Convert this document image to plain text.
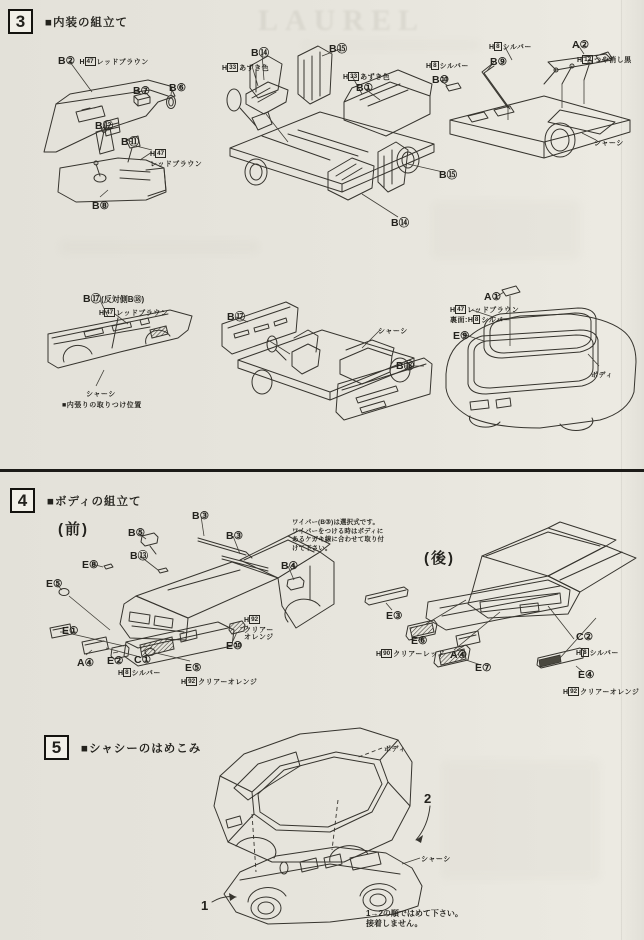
LAUREL
3 ■内装の組立て
4 ■ボディの組立て
5 ■シャシーのはめこみ
B② H 47 レッドブラウン
B⑦ B⑥
B⑫
B⑪
H 47
レッドブラウン
B⑧
B⑭
H 33 あずき色
B⑮
H 33 あずき色
B①
B⑮
B⑭
H 8 シルバー	A②
H 12 つや消し黒
H 8 シルバー B⑨
B⑩
シャーシ
B⑰(反対側B⑱)
H 47 レッドブラウン
シャーシ
■内張りの取りつけ位置
B⑰
シャーシ
B⑱
A①
H 47 レッドブラウン
裏面:H 8 シルバー
E⑨
ボディ
(前)	B⑤
B③
B③
B⑬
E⑧
E⑤
B④
ワイパー(B③)は選択式です。
ワイパーをつける時はボディに
あるケガキ線に合わせて取り付
けて下さい。
E①
A④ E② C①
H 8 シルバー E⑤
H 92 クリアーオレンジ
H 92
クリアー
オレンジ
E⑩
(後)
E③
E⑥
H 90 クリアーレッド A④
E⑦
C②
H 8 シルバー
E④
H 92 クリアーオレンジ
ボディ
2
シャーシ
1
1→2の順ではめて下さい。
接着しません。
